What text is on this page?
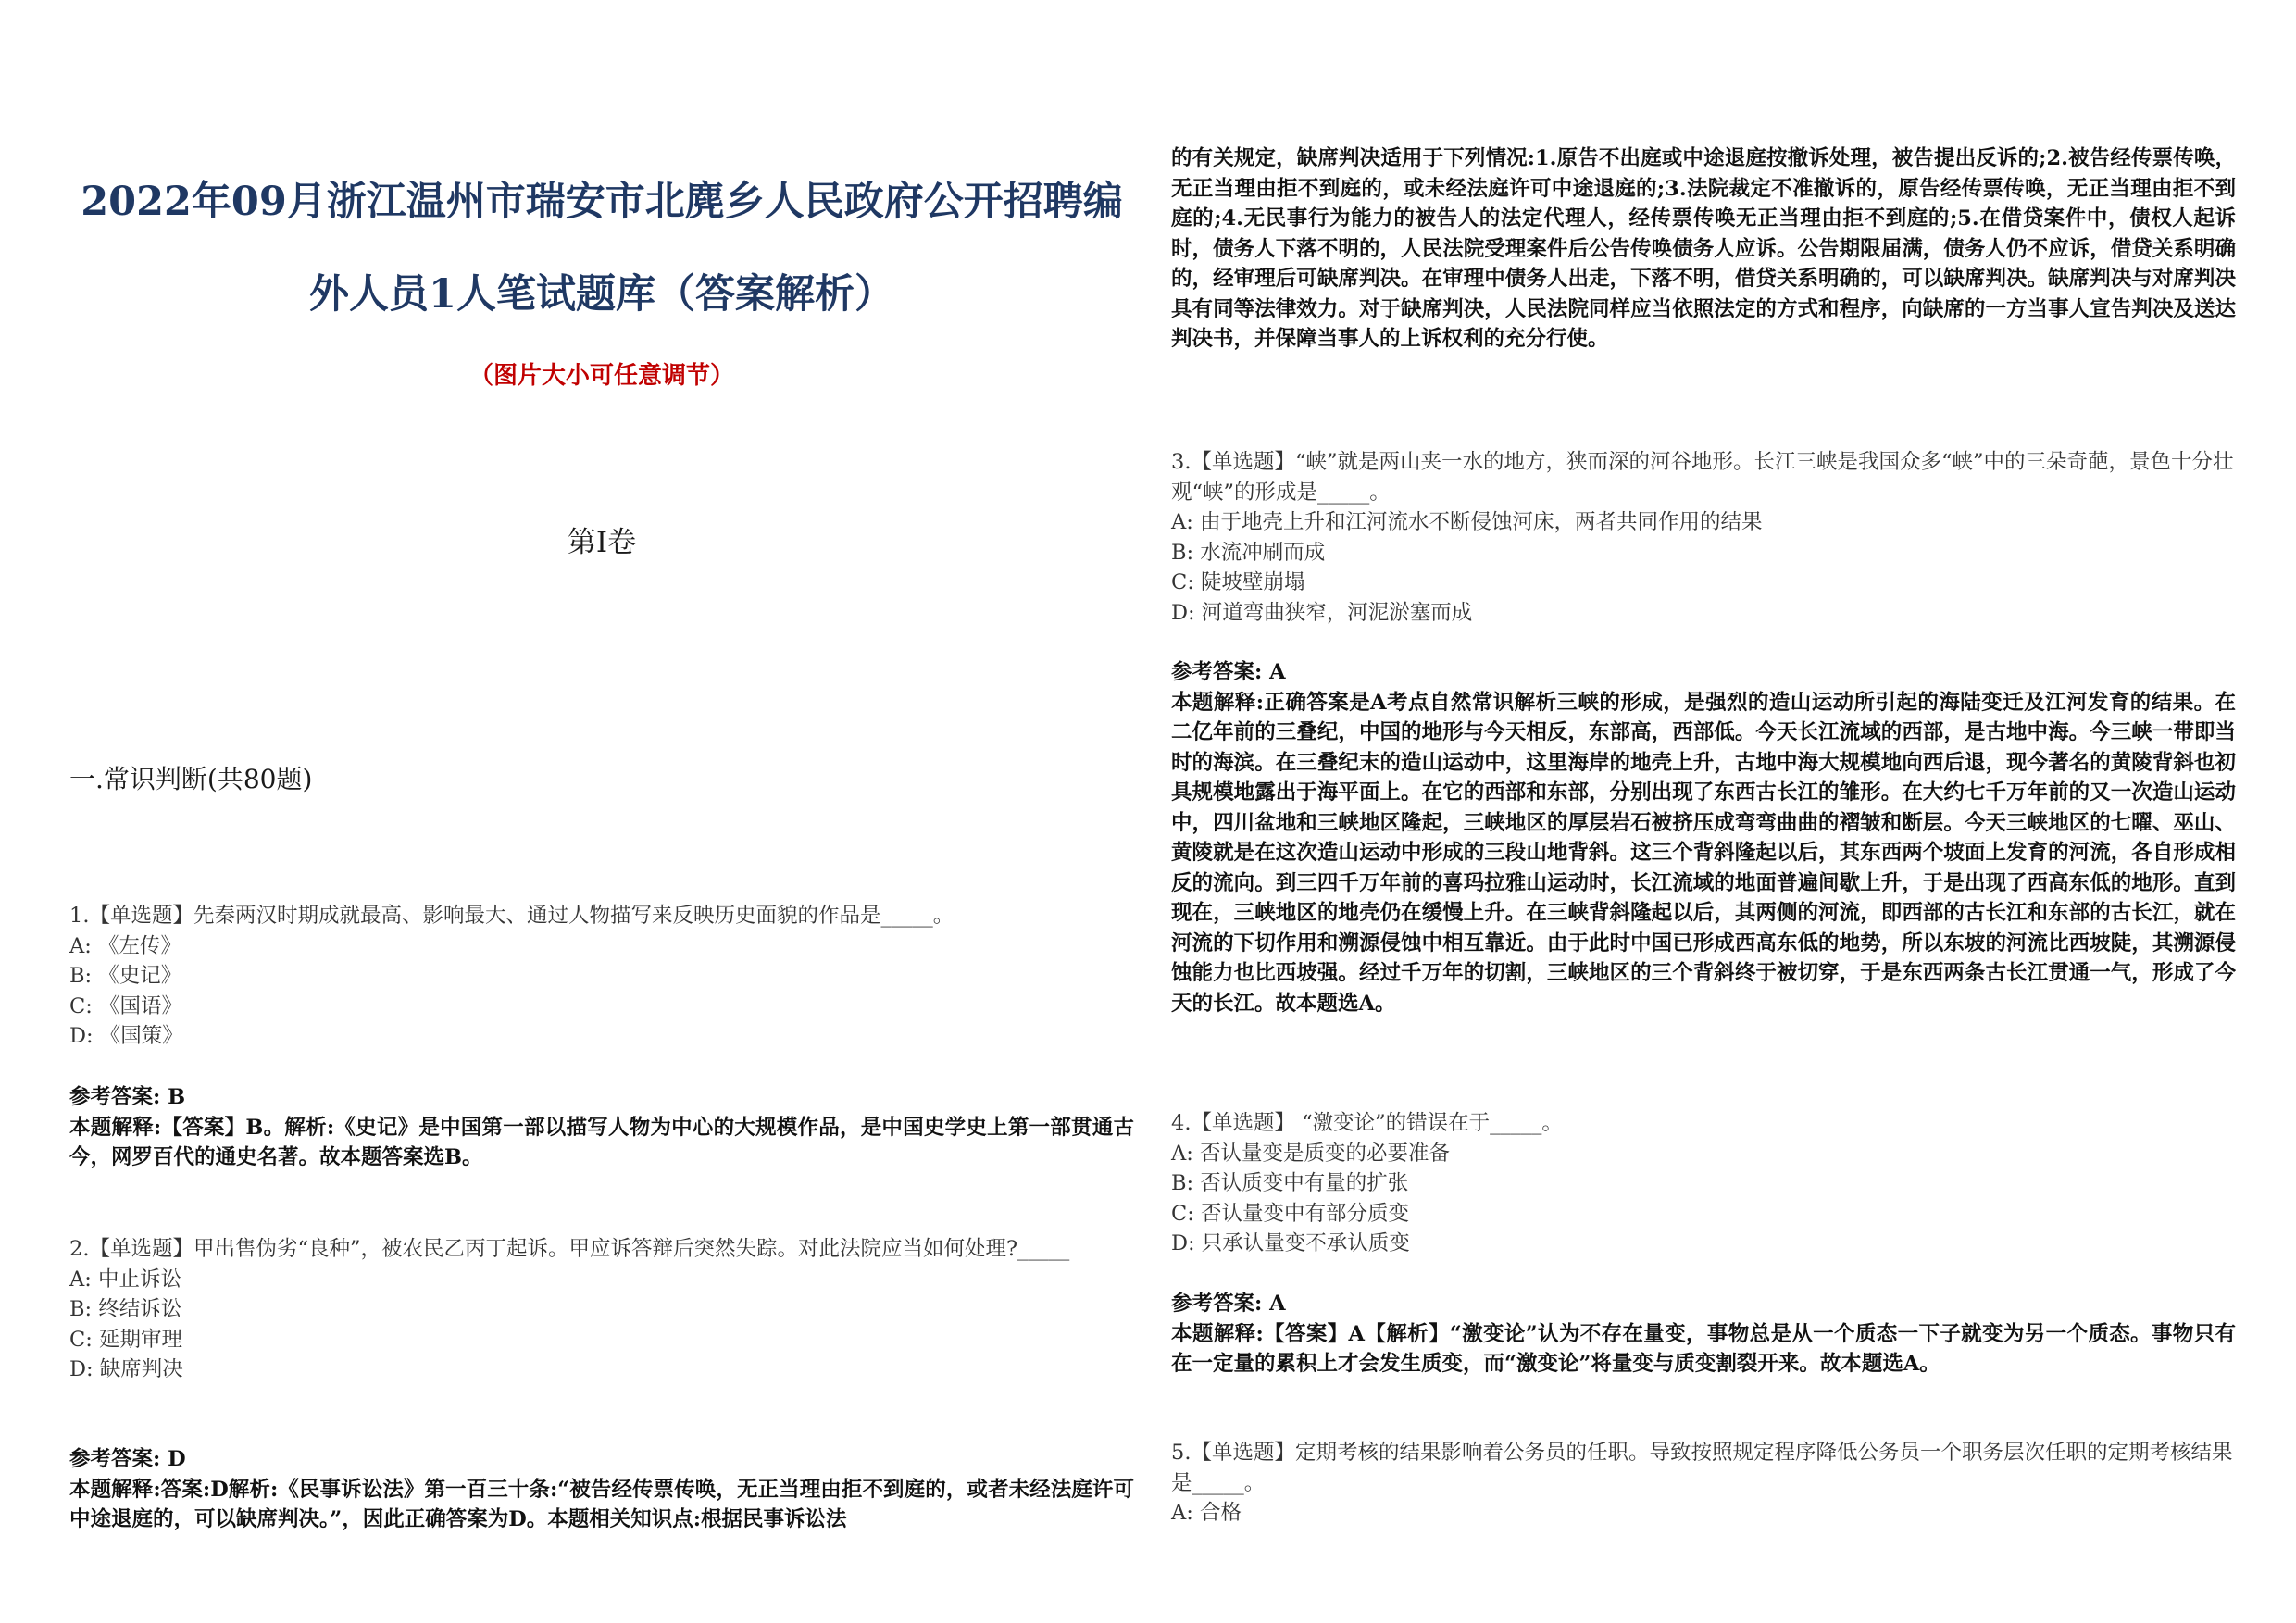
2022年09月浙江温州市瑞安市北麂乡人民政府公开招聘编外人员1人笔试题库（答案解析）
（图片大小可任意调节）
第I卷
一.常识判断(共80题)
1.【单选题】先秦两汉时期成就最高、影响最大、通过人物描写来反映历史面貌的作品是_____。
A: 《左传》
B: 《史记》
C: 《国语》
D: 《国策》
参考答案: B
本题解释:【答案】B。解析:《史记》是中国第一部以描写人物为中心的大规模作品，是中国史学史上第一部贯通古今，网罗百代的通史名著。故本题答案选B。
2.【单选题】甲出售伪劣“良种”，被农民乙丙丁起诉。甲应诉答辩后突然失踪。对此法院应当如何处理?_____
A: 中止诉讼
B: 终结诉讼
C: 延期审理
D: 缺席判决
参考答案: D
本题解释:答案:D解析:《民事诉讼法》第一百三十条:“被告经传票传唤，无正当理由拒不到庭的，或者未经法庭许可中途退庭的，可以缺席判决。”，因此正确答案为D。本题相关知识点:根据民事诉讼法
的有关规定，缺席判决适用于下列情况:1.原告不出庭或中途退庭按撤诉处理，被告提出反诉的;2.被告经传票传唤，无正当理由拒不到庭的，或未经法庭许可中途退庭的;3.法院裁定不准撤诉的，原告经传票传唤，无正当理由拒不到庭的;4.无民事行为能力的被告人的法定代理人，经传票传唤无正当理由拒不到庭的;5.在借贷案件中，债权人起诉时，债务人下落不明的，人民法院受理案件后公告传唤债务人应诉。公告期限届满，债务人仍不应诉，借贷关系明确的，经审理后可缺席判决。在审理中债务人出走，下落不明，借贷关系明确的，可以缺席判决。缺席判决与对席判决具有同等法律效力。对于缺席判决，人民法院同样应当依照法定的方式和程序，向缺席的一方当事人宣告判决及送达判决书，并保障当事人的上诉权利的充分行使。
3.【单选题】“峡”就是两山夹一水的地方，狭而深的河谷地形。长江三峡是我国众多“峡”中的三朵奇葩，景色十分壮观“峡”的形成是_____。
A: 由于地壳上升和江河流水不断侵蚀河床，两者共同作用的结果
B: 水流冲刷而成
C: 陡坡壁崩塌
D: 河道弯曲狭窄，河泥淤塞而成
参考答案: A
本题解释:正确答案是A考点自然常识解析三峡的形成，是强烈的造山运动所引起的海陆变迁及江河发育的结果。在二亿年前的三叠纪，中国的地形与今天相反，东部高，西部低。今天长江流域的西部，是古地中海。今三峡一带即当时的海滨。在三叠纪末的造山运动中，这里海岸的地壳上升，古地中海大规模地向西后退，现今著名的黄陵背斜也初具规模地露出于海平面上。在它的西部和东部，分别出现了东西古长江的雏形。在大约七千万年前的又一次造山运动中，四川盆地和三峡地区隆起，三峡地区的厚层岩石被挤压成弯弯曲曲的褶皱和断层。今天三峡地区的七曜、巫山、黄陵就是在这次造山运动中形成的三段山地背斜。这三个背斜隆起以后，其东西两个坡面上发育的河流，各自形成相反的流向。到三四千万年前的喜玛拉雅山运动时，长江流域的地面普遍间歇上升，于是出现了西高东低的地形。直到现在，三峡地区的地壳仍在缓慢上升。在三峡背斜隆起以后，其两侧的河流，即西部的古长江和东部的古长江，就在河流的下切作用和溯源侵蚀中相互靠近。由于此时中国已形成西高东低的地势，所以东坡的河流比西坡陡，其溯源侵蚀能力也比西坡强。经过千万年的切割，三峡地区的三个背斜终于被切穿，于是东西两条古长江贯通一气，形成了今天的长江。故本题选A。
4.【单选题】 “激变论”的错误在于_____。
A: 否认量变是质变的必要准备
B: 否认质变中有量的扩张
C: 否认量变中有部分质变
D: 只承认量变不承认质变
参考答案: A
本题解释:【答案】A【解析】“激变论”认为不存在量变，事物总是从一个质态一下子就变为另一个质态。事物只有在一定量的累积上才会发生质变，而“激变论”将量变与质变割裂开来。故本题选A。
5.【单选题】定期考核的结果影响着公务员的任职。导致按照规定程序降低公务员一个职务层次任职的定期考核结果是_____。
A: 合格
